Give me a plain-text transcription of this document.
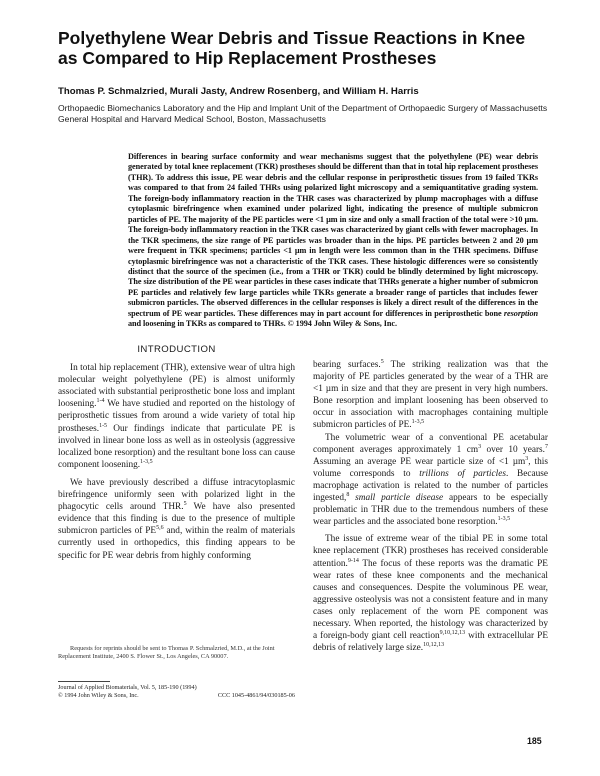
Polyethylene Wear Debris and Tissue Reactions in Knee as Compared to Hip Replacement Prostheses

Thomas P. Schmalzried, Murali Jasty, Andrew Rosenberg, and William H. Harris

Orthopaedic Biomechanics Laboratory and the Hip and Implant Unit of the Department of Orthopaedic Surgery of Massachusetts General Hospital and Harvard Medical School, Boston, Massachusetts

Differences in bearing surface conformity and wear mechanisms suggest that the polyethylene (PE) wear debris generated by total knee replacement (TKR) prostheses should be different than that in total hip replacement prostheses (THR). To address this issue, PE wear debris and the cellular response in periprosthetic tissues from 19 failed TKRs was compared to that from 24 failed THRs using polarized light microscopy and a semiquantitative grading system. The foreign-body inflammatory reaction in the THR cases was characterized by plump macrophages with a diffuse cytoplasmic birefringence when examined under polarized light, indicating the presence of multiple submicron particles of PE. The majority of the PE particles were <1 µm in size and only a small fraction of the total were >10 µm. The foreign-body inflammatory reaction in the TKR cases was characterized by giant cells with fewer macrophages. In the TKR specimens, the size range of PE particles was broader than in the hips. PE particles between 2 and 20 µm were frequent in TKR specimens; particles <1 µm in length were less common than in the THR specimens. Diffuse cytoplasmic birefringence was not a characteristic of the TKR cases. These histologic differences were so consistently distinct that the source of the specimen (i.e., from a THR or TKR) could be blindly determined by light microscopy. The size distribution of the PE wear particles in these cases indicate that THRs generate a higher number of submicron PE particles and relatively few large particles while TKRs generate a broader range of particles that includes fewer submicron particles. The observed differences in the cellular responses is likely a direct result of the differences in the spectrum of PE wear particles. These differences may in part account for differences in periprosthetic bone resorption and loosening in TKRs as compared to THRs. © 1994 John Wiley & Sons, Inc.

INTRODUCTION

In total hip replacement (THR), extensive wear of ultra high molecular weight polyethylene (PE) is almost uniformly associated with substantial periprosthetic bone loss and implant loosening.$^{1-4}$ We have studied and reported on the histology of periprosthetic tissues from around a wide variety of total hip prostheses.$^{1-5}$ Our findings indicate that particulate PE is involved in linear bone loss as well as in osteolysis (aggressive localized bone resorption) and the resultant bone loss can cause component loosening.$^{1-3,5}$

We have previously described a diffuse intracytoplasmic birefringence uniformly seen with polarized light in the phagocytic cells around THR.$^5$ We have also presented evidence that this finding is due to the presence of multiple submicron particles of PE$^{5,6}$ and, within the realm of materials currently used in orthopedics, this finding appears to be specific for PE wear debris from highly conforming

bearing surfaces.$^5$ The striking realization was that the majority of PE particles generated by the wear of a THR are <1 µm in size and that they are present in very high numbers. Bone resorption and implant loosening has been observed to occur in association with macrophages containing multiple submicron particles of PE.$^{1-3,5}$

The volumetric wear of a conventional PE acetabular component averages approximately 1 $cm^3$ over 10 years.$^7$ Assuming an average PE wear particle size of <1 µm$^3$, this volume corresponds to trillions of particles. Because macrophage activation is related to the number of particles ingested,$^8$ small particle disease appears to be especially problematic in THR due to the tremendous numbers of these wear particles and the associated bone resorption.$^{1-3,5}$

The issue of extreme wear of the tibial PE in some total knee replacement (TKR) prostheses has received considerable attention.$^{9-14}$ The focus of these reports was the dramatic PE wear rates of these knee components and the mechanical causes and consequences. Despite the voluminous PE wear, aggressive osteolysis was not a consistent feature and in many cases only replacement of the worn PE component was necessary. When reported, the histology was characterized by a foreign-body giant cell reaction$^{9,10,12,13}$ with extracellular PE debris of relatively large size.$^{10,12,13}$

Requests for reprints should be sent to Thomas P. Schmalzried, M.D., at the Joint Replacement Institute, 2400 S. Flower St., Los Angeles, CA 90007.

Journal of Applied Biomaterials, Vol. 5, 185-190 (1994)
© 1994 John Wiley & Sons, Inc.	CCC 1045-4861/94/030185-06
185
